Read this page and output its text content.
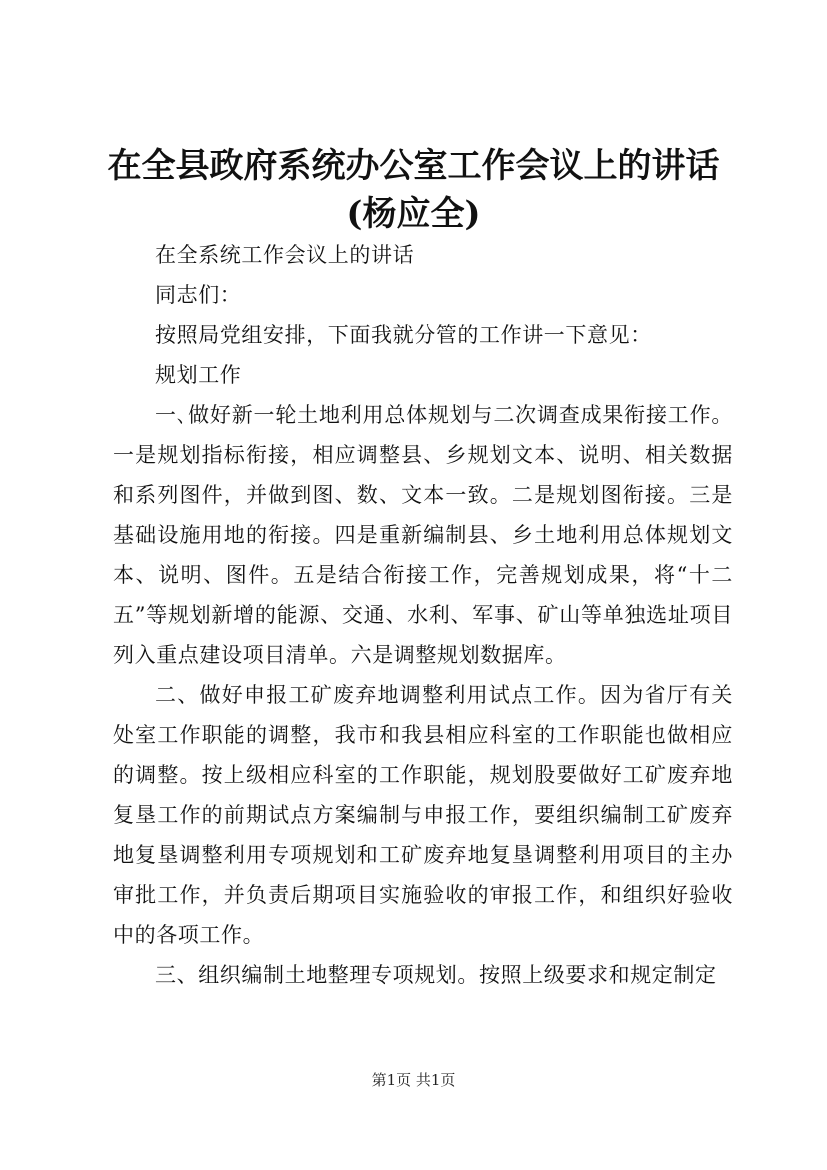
在全县政府系统办公室工作会议上的讲话(杨应全)

在全系统工作会议上的讲话

同志们：

按照局党组安排，下面我就分管的工作讲一下意见：

规划工作

一､做好新一轮土地利用总体规划与二次调查成果衔接工作。一是规划指标衔接，相应调整县、乡规划文本、说明、相关数据和系列图件，并做到图、数、文本一致。二是规划图衔接。三是基础设施用地的衔接。四是重新编制县、乡土地利用总体规划文本、说明、图件。五是结合衔接工作，完善规划成果，将“十二五”等规划新增的能源、交通、水利、军事、矿山等单独选址项目列入重点建设项目清单。六是调整规划数据库。

二、做好申报工矿废弃地调整利用试点工作。因为省厅有关处室工作职能的调整，我市和我县相应科室的工作职能也做相应的调整。按上级相应科室的工作职能，规划股要做好工矿废弃地复垦工作的前期试点方案编制与申报工作，要组织编制工矿废弃地复垦调整利用专项规划和工矿废弃地复垦调整利用项目的主办审批工作，并负责后期项目实施验收的审报工作，和组织好验收中的各项工作。

三、组织编制土地整理专项规划。按照上级要求和规定制定

第1页 共1页
